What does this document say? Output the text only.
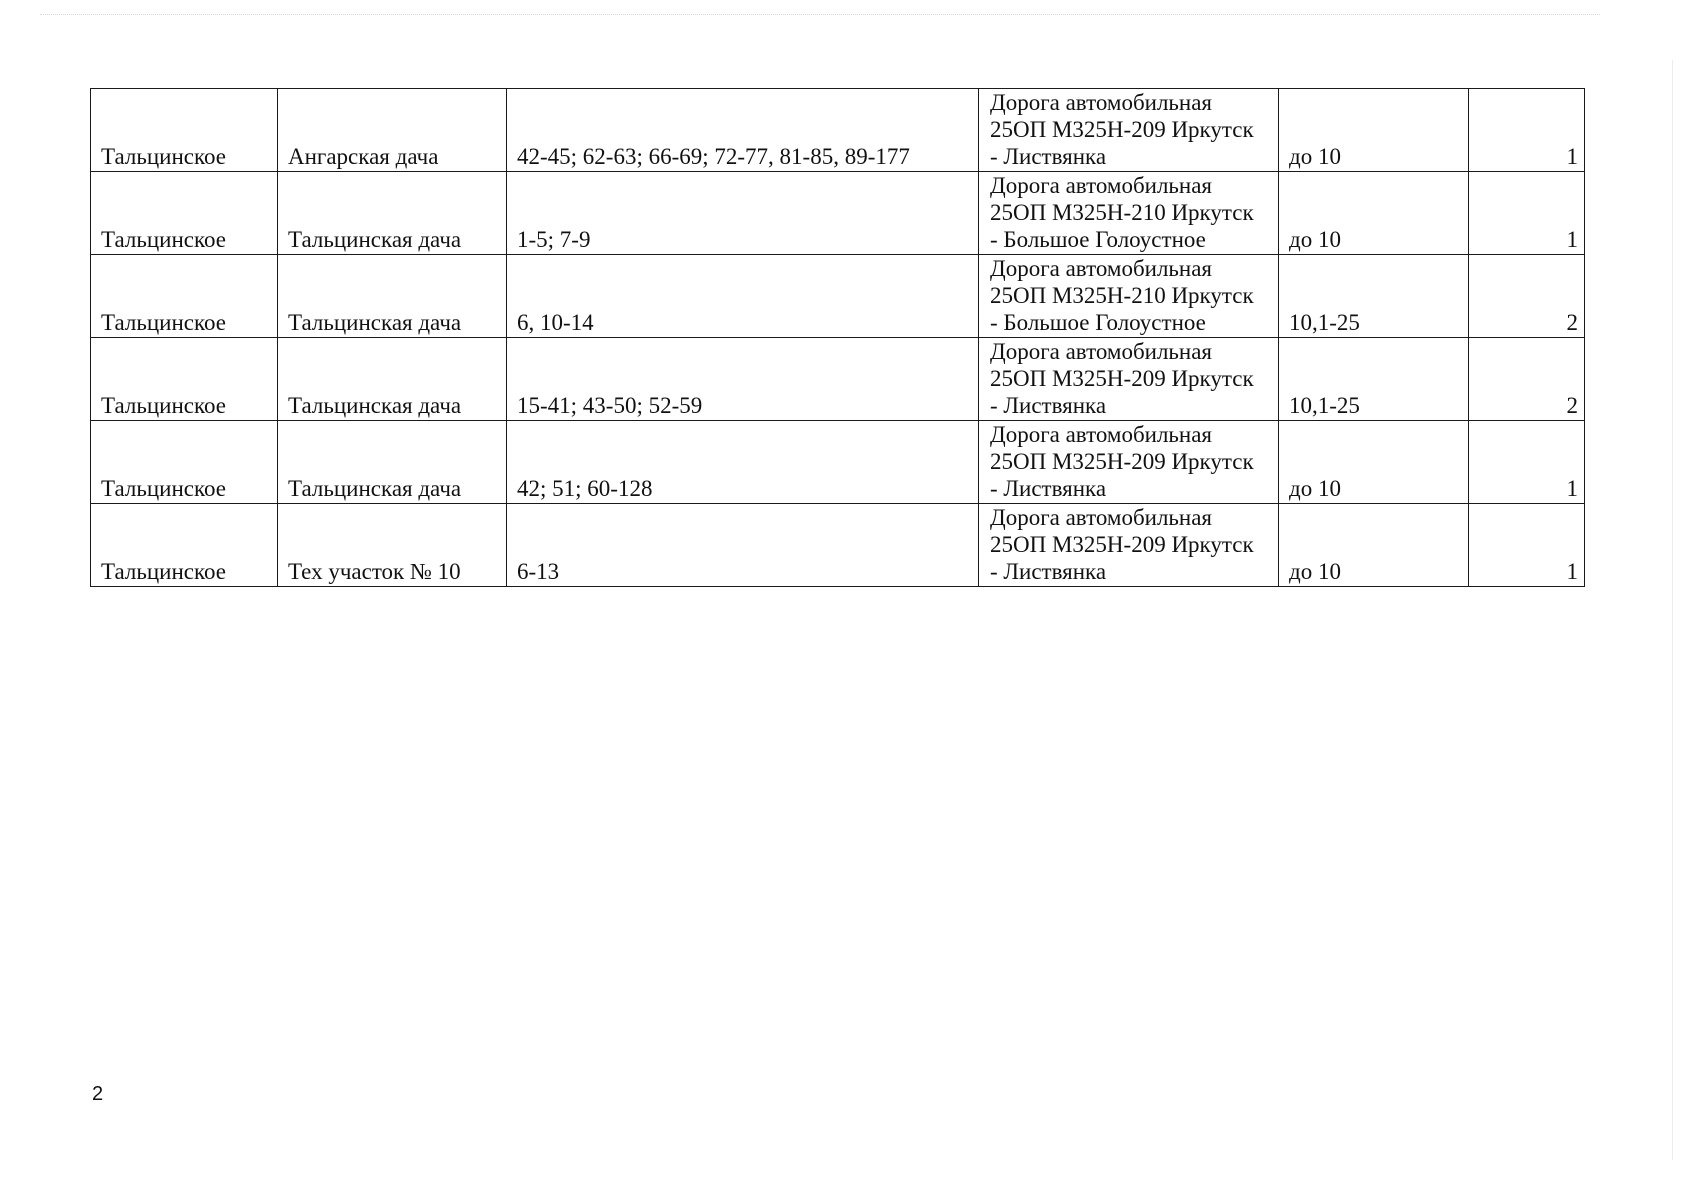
Тальцинское	Ангарская дача	42-45; 62-63; 66-69; 72-77, 81-85, 89-177	Дорога автомобильная
25ОП М325Н-209 Иркутск
- Листвянка	до 10	1
Тальцинское	Тальцинская дача	1-5; 7-9	Дорога автомобильная
25ОП М325Н-210 Иркутск
- Большое Голоустное	до 10	1
Тальцинское	Тальцинская дача	6, 10-14	Дорога автомобильная
25ОП М325Н-210 Иркутск
- Большое Голоустное	10,1-25	2
Тальцинское	Тальцинская дача	15-41; 43-50; 52-59	Дорога автомобильная
25ОП М325Н-209 Иркутск
- Листвянка	10,1-25	2
Тальцинское	Тальцинская дача	42; 51; 60-128	Дорога автомобильная
25ОП М325Н-209 Иркутск
- Листвянка	до 10	1
Тальцинское	Тех участок № 10	6-13	Дорога автомобильная
25ОП М325Н-209 Иркутск
- Листвянка	до 10	1
2
